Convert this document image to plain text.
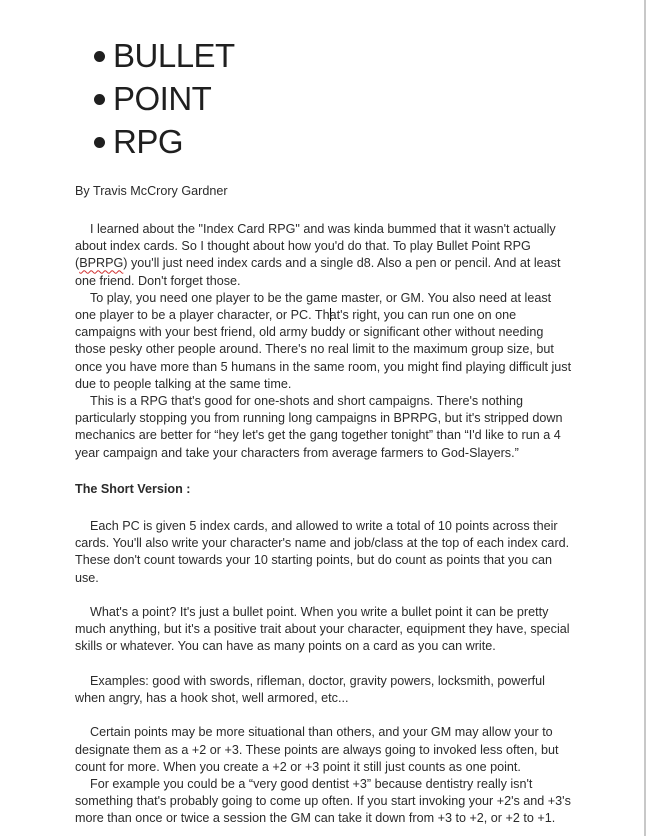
BULLET
POINT
RPG
By Travis McCrory Gardner

I learned about the "Index Card RPG" and was kinda bummed that it wasn't actually about index cards. So I thought about how you'd do that. To play Bullet Point RPG (BPRPG) you'll just need index cards and a single d8. Also a pen or pencil. And at least one friend. Don't forget those.

To play, you need one player to be the game master, or GM. You also need at least one player to be a player character, or PC. That's right, you can run one on one campaigns with your best friend, old army buddy or significant other without needing those pesky other people around. There's no real limit to the maximum group size, but once you have more than 5 humans in the same room, you might find playing difficult just due to people talking at the same time.

This is a RPG that's good for one-shots and short campaigns. There's nothing particularly stopping you from running long campaigns in BPRPG, but it's stripped down mechanics are better for “hey let's get the gang together tonight” than “I'd like to run a 4 year campaign and take your characters from average farmers to God-Slayers.”

The Short Version :

Each PC is given 5 index cards, and allowed to write a total of 10 points across their cards. You'll also write your character's name and job/class at the top of each index card. These don't count towards your 10 starting points, but do count as points that you can use.

What's a point? It's just a bullet point. When you write a bullet point it can be pretty much anything, but it's a positive trait about your character, equipment they have, special skills or whatever. You can have as many points on a card as you can write.

Examples: good with swords, rifleman, doctor, gravity powers, locksmith, powerful when angry, has a hook shot, well armored, etc...

Certain points may be more situational than others, and your GM may allow your to designate them as a +2 or +3. These points are always going to invoked less often, but count for more. When you create a +2 or +3 point it still just counts as one point.

For example you could be a “very good dentist +3” because dentistry really isn't something that's probably going to come up often. If you start invoking your +2's and +3's more than once or twice a session the GM can take it down from +3 to +2, or +2 to +1.
